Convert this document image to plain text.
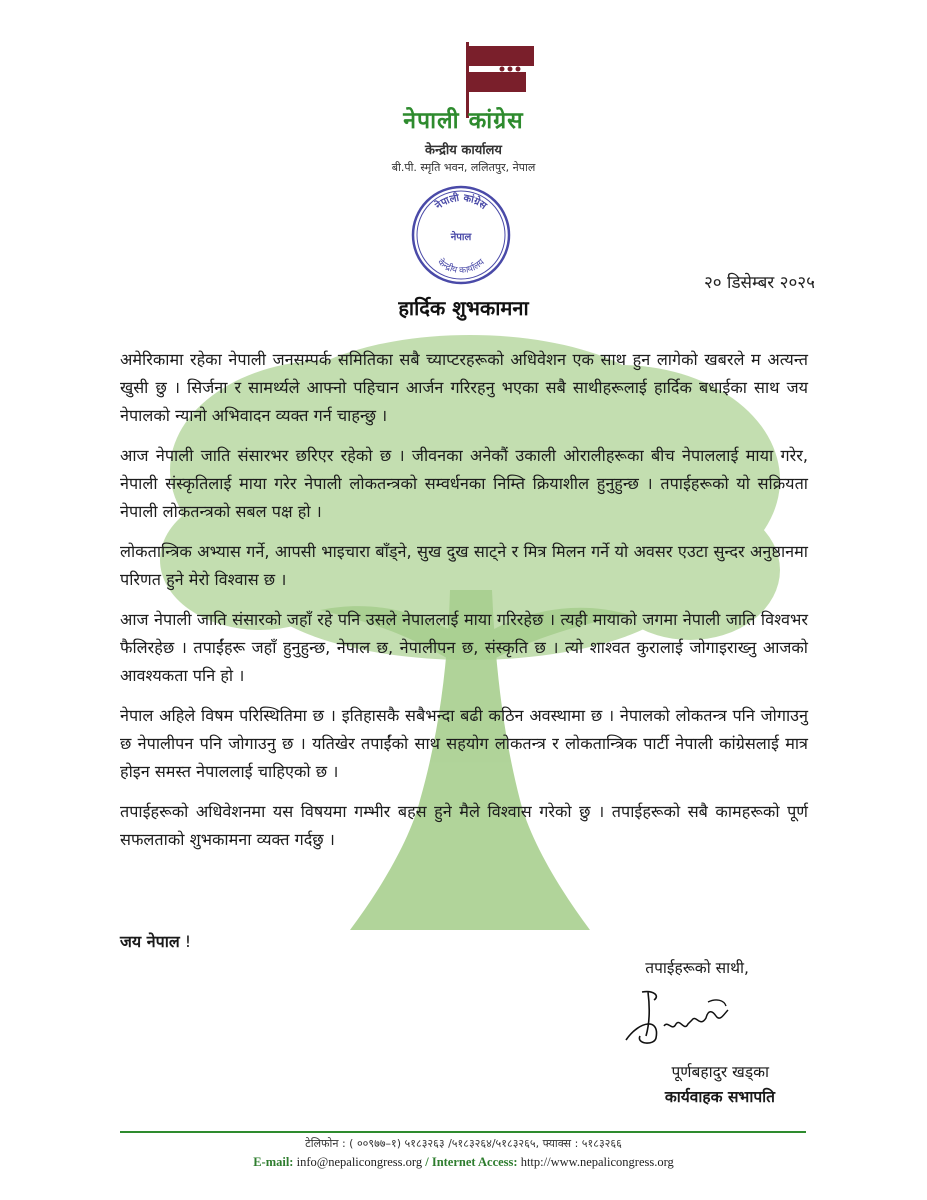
नेपाली कांग्रेस
केन्द्रीय कार्यालय
बी.पी. स्मृति भवन, ललितपुर, नेपाल
नेपाली कांग्रेस
नेपाल
केन्द्रीय कार्यालय
२० डिसेम्बर २०२५
हार्दिक शुभकामना

अमेरिकामा रहेका नेपाली जनसम्पर्क समितिका सबै च्याप्टरहरूको अधिवेशन एक साथ हुन लागेको खबरले म अत्यन्त खुसी छु । सिर्जना र सामर्थ्यले आफ्नो पहिचान आर्जन गरिरहनु भएका सबै साथीहरूलाई हार्दिक बधाईका साथ जय नेपालको न्यानो अभिवादन व्यक्त गर्न चाहन्छु ।

आज नेपाली जाति संसारभर छरिएर रहेको छ । जीवनका अनेकौं उकाली ओरालीहरूका बीच नेपाललाई माया गरेर, नेपाली संस्कृतिलाई माया गरेर नेपाली लोकतन्त्रको सम्वर्धनका निम्ति क्रियाशील हुनुहुन्छ । तपाईहरूको यो सक्रियता नेपाली लोकतन्त्रको सबल पक्ष हो ।

लोकतान्त्रिक अभ्यास गर्ने, आपसी भाइचारा बाँड्ने, सुख दुख साट्ने र मित्र मिलन गर्ने यो अवसर एउटा सुन्दर अनुष्ठानमा परिणत हुने मेरो विश्वास छ ।

आज नेपाली जाति संसारको जहाँ रहे पनि उसले नेपाललाई माया गरिरहेछ । त्यही मायाको जगमा नेपाली जाति विश्वभर फैलिरहेछ । तपाईंहरू जहाँ हुनुहुन्छ, नेपाल छ, नेपालीपन छ, संस्कृति छ । त्यो शाश्वत कुरालाई जोगाइराख्नु आजको आवश्यकता पनि हो ।

नेपाल अहिले विषम परिस्थितिमा छ । इतिहासकै सबैभन्दा बढी कठिन अवस्थामा छ । नेपालको लोकतन्त्र पनि जोगाउनु छ नेपालीपन पनि जोगाउनु छ । यतिखेर तपाईंको साथ सहयोग लोकतन्त्र र लोकतान्त्रिक पार्टी नेपाली कांग्रेसलाई मात्र होइन समस्त नेपाललाई चाहिएको छ ।

तपाईहरूको अधिवेशनमा यस विषयमा गम्भीर बहस हुने मैले विश्वास गरेको छु । तपाईहरूको सबै कामहरूको पूर्ण सफलताको शुभकामना व्यक्त गर्दछु ।

जय नेपाल !
तपाईहरूको साथी,
पूर्णबहादुर खड्का
कार्यवाहक सभापति
टेलिफोन : ( ००९७७–१) ५१८३२६३ /५१८३२६४/५१८३२६५, फ्याक्स : ५१८३२६६
E-mail: info@nepalicongress.org / Internet Access: http://www.nepalicongress.org
